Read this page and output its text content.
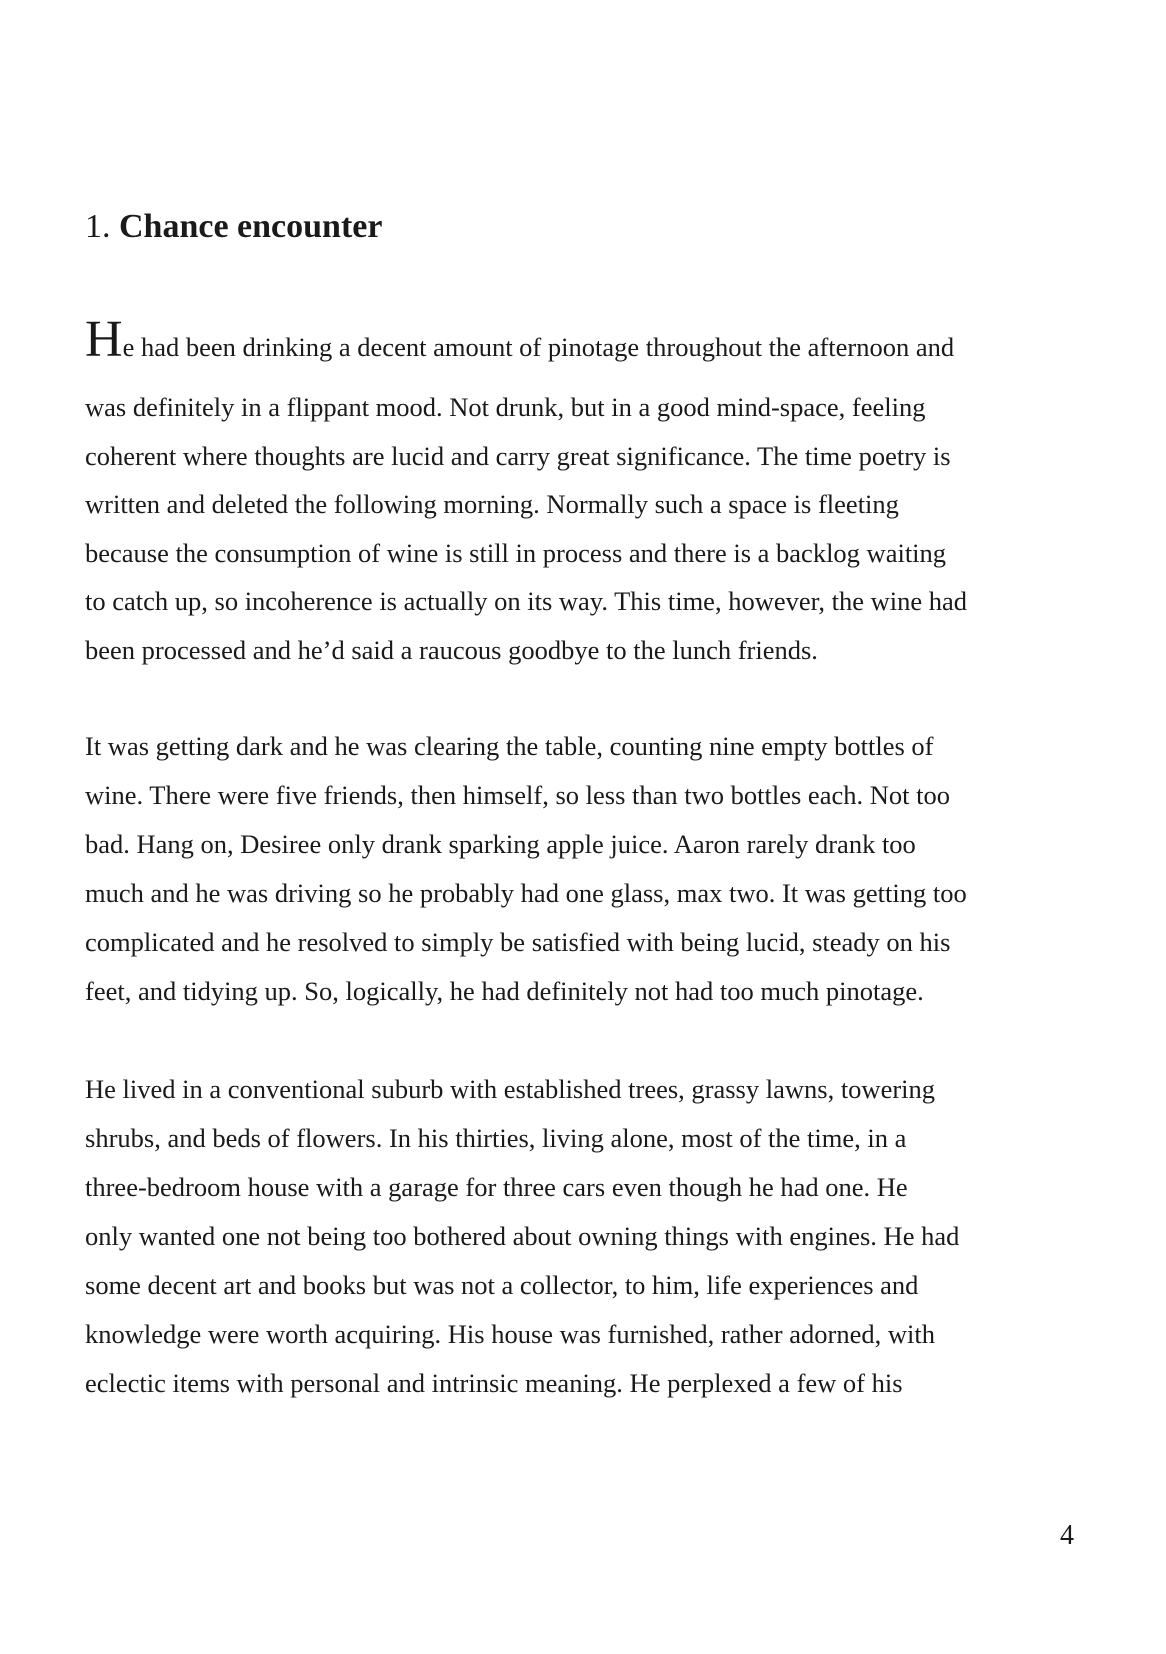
1. Chance encounter
He had been drinking a decent amount of pinotage throughout the afternoon and
was definitely in a flippant mood. Not drunk, but in a good mind-space, feeling
coherent where thoughts are lucid and carry great significance. The time poetry is
written and deleted the following morning. Normally such a space is fleeting
because the consumption of wine is still in process and there is a backlog waiting
to catch up, so incoherence is actually on its way. This time, however, the wine had
been processed and he’d said a raucous goodbye to the lunch friends.
It was getting dark and he was clearing the table, counting nine empty bottles of
wine. There were five friends, then himself, so less than two bottles each. Not too
bad. Hang on, Desiree only drank sparking apple juice. Aaron rarely drank too
much and he was driving so he probably had one glass, max two. It was getting too
complicated and he resolved to simply be satisfied with being lucid, steady on his
feet, and tidying up. So, logically, he had definitely not had too much pinotage.
He lived in a conventional suburb with established trees, grassy lawns, towering
shrubs, and beds of flowers. In his thirties, living alone, most of the time, in a
three-bedroom house with a garage for three cars even though he had one. He
only wanted one not being too bothered about owning things with engines. He had
some decent art and books but was not a collector, to him, life experiences and
knowledge were worth acquiring. His house was furnished, rather adorned, with
eclectic items with personal and intrinsic meaning. He perplexed a few of his

4
